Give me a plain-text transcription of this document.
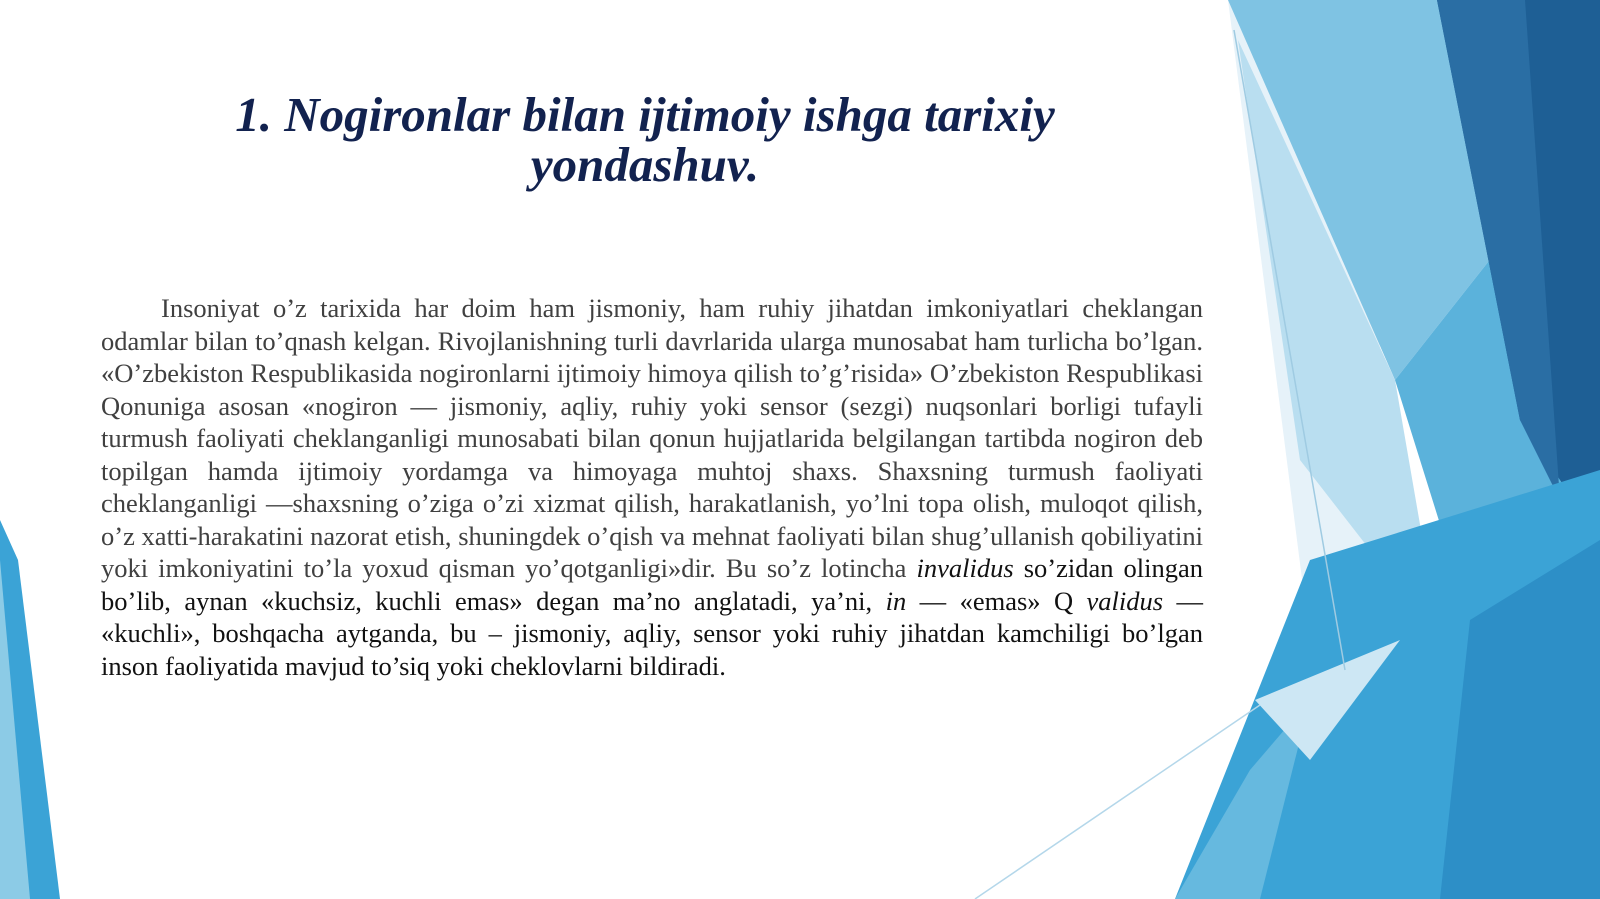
1. Nogironlar bilan ijtimoiy ishga tarixiy
yondashuv.

Insoniyat o’z tarixida har doim ham jismoniy, ham ruhiy jihatdan imkoniyatlari cheklangan odamlar bilan to’qnash kelgan. Rivojlanishning turli davrlarida ularga munosabat ham turlicha bo’lgan. «O’zbekiston Respublikasida nogironlarni ijtimoiy himoya qilish to’g’risida» O’zbekiston Respublikasi Qonuniga asosan «nogiron — jismoniy, aqliy, ruhiy yoki sensor (sezgi) nuqsonlari borligi tufayli turmush faoliyati cheklanganligi munosabati bilan qonun hujjatlarida belgilangan tartibda nogiron deb topilgan hamda ijtimoiy yordamga va himoyaga muhtoj shaxs. Shaxsning turmush faoliyati cheklanganligi —shaxsning o’ziga o’zi xizmat qilish, harakatlanish, yo’lni topa olish, muloqot qilish, o’z xatti-harakatini nazorat etish, shuningdek o’qish va mehnat faoliyati bilan shug’ullanish qobiliyatini yoki imkoniyatini to’la yoxud qisman yo’qotganligi»dir. Bu so’z lotincha invalidus so’zidan olingan bo’lib, aynan «kuchsiz, kuchli emas» degan ma’no anglatadi, ya’ni, in — «emas» Q validus — «kuchli», boshqacha aytganda, bu – jismoniy, aqliy, sensor yoki ruhiy jihatdan kamchiligi bo’lgan inson faoliyatida mavjud to’siq yoki cheklovlarni bildiradi.
